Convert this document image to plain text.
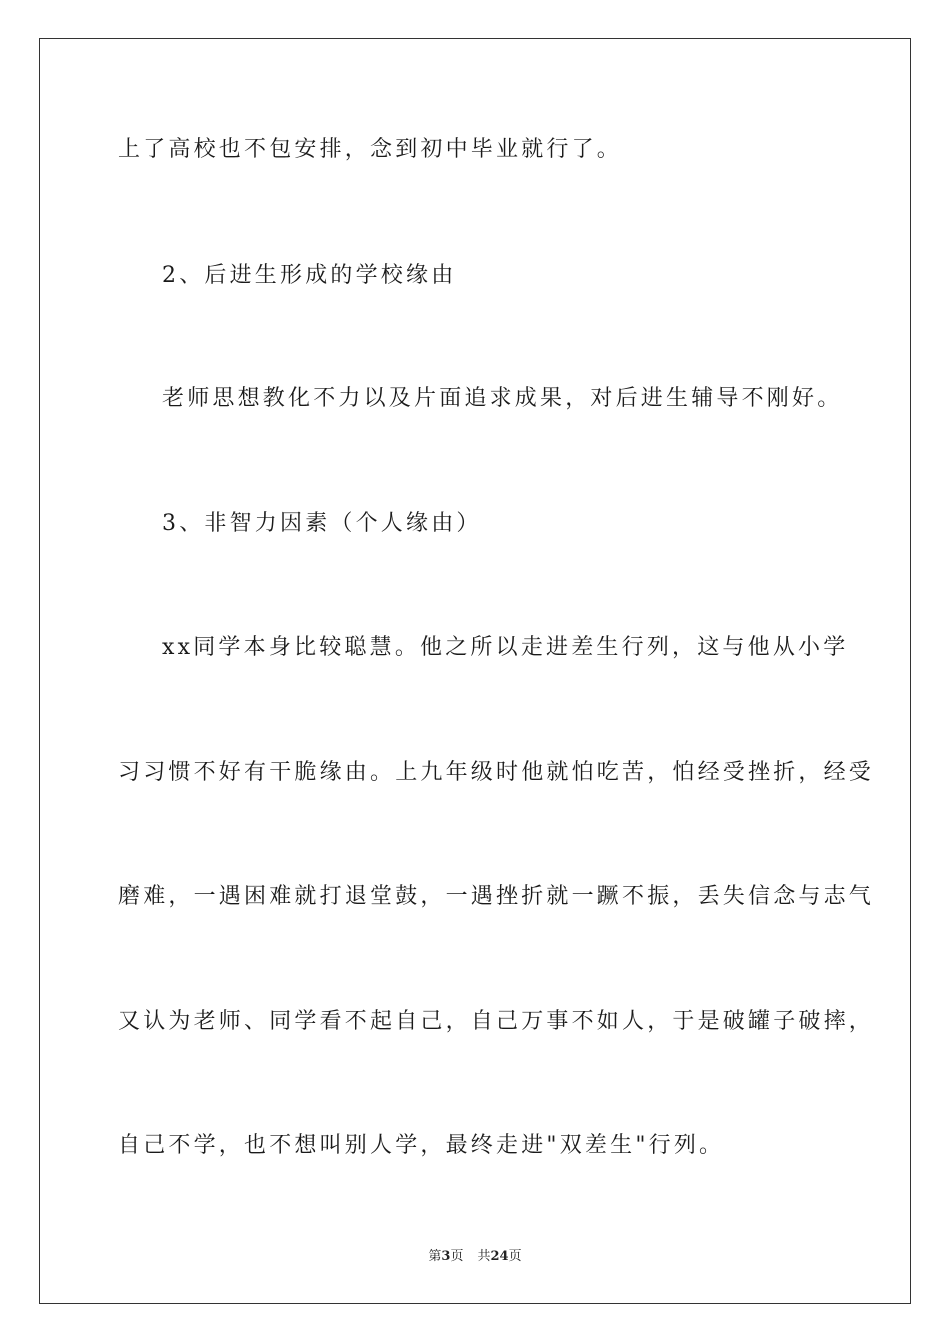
上了高校也不包安排，念到初中毕业就行了。
2、后进生形成的学校缘由
老师思想教化不力以及片面追求成果，对后进生辅导不刚好。
3、非智力因素（个人缘由）
xx同学本身比较聪慧。他之所以走进差生行列，这与他从小学
习习惯不好有干脆缘由。上九年级时他就怕吃苦，怕经受挫折，经受
磨难，一遇困难就打退堂鼓，一遇挫折就一蹶不振，丢失信念与志气
又认为老师、同学看不起自己，自己万事不如人，于是破罐子破摔，
自己不学，也不想叫别人学，最终走进"双差生"行列。
第3页 共24页
